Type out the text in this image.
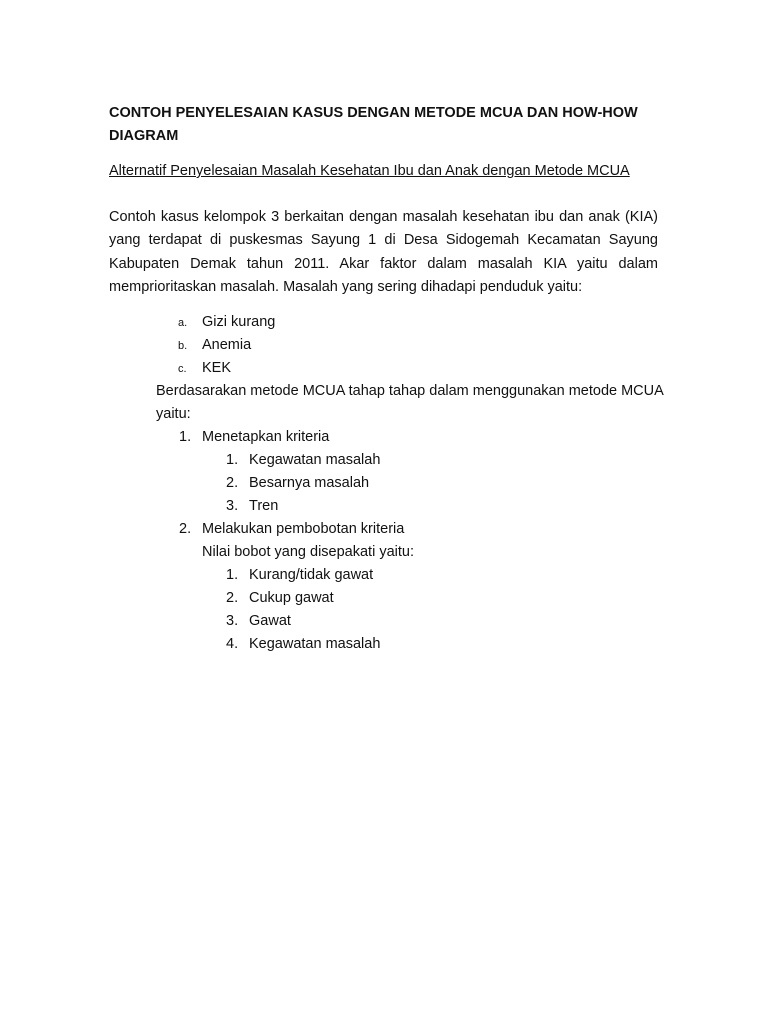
CONTOH PENYELESAIAN KASUS DENGAN METODE MCUA DAN HOW-HOW DIAGRAM

Alternatif Penyelesaian Masalah Kesehatan Ibu dan Anak dengan Metode MCUA

Contoh kasus kelompok 3 berkaitan dengan masalah kesehatan ibu dan anak (KIA) yang terdapat di puskesmas Sayung 1 di Desa Sidogemah Kecamatan Sayung Kabupaten Demak tahun 2011. Akar faktor dalam masalah KIA yaitu dalam memprioritaskan masalah. Masalah yang sering dihadapi penduduk yaitu:

a. Gizi kurang
b. Anemia
c. KEK

Berdasarakan metode MCUA tahap tahap dalam menggunakan metode MCUA yaitu:

1. Menetapkan kriteria
1. Kegawatan masalah
2. Besarnya masalah
3. Tren
2. Melakukan pembobotan kriteria
Nilai bobot yang disepakati yaitu:
1. Kurang/tidak gawat
2. Cukup gawat
3. Gawat
4. Kegawatan masalah
